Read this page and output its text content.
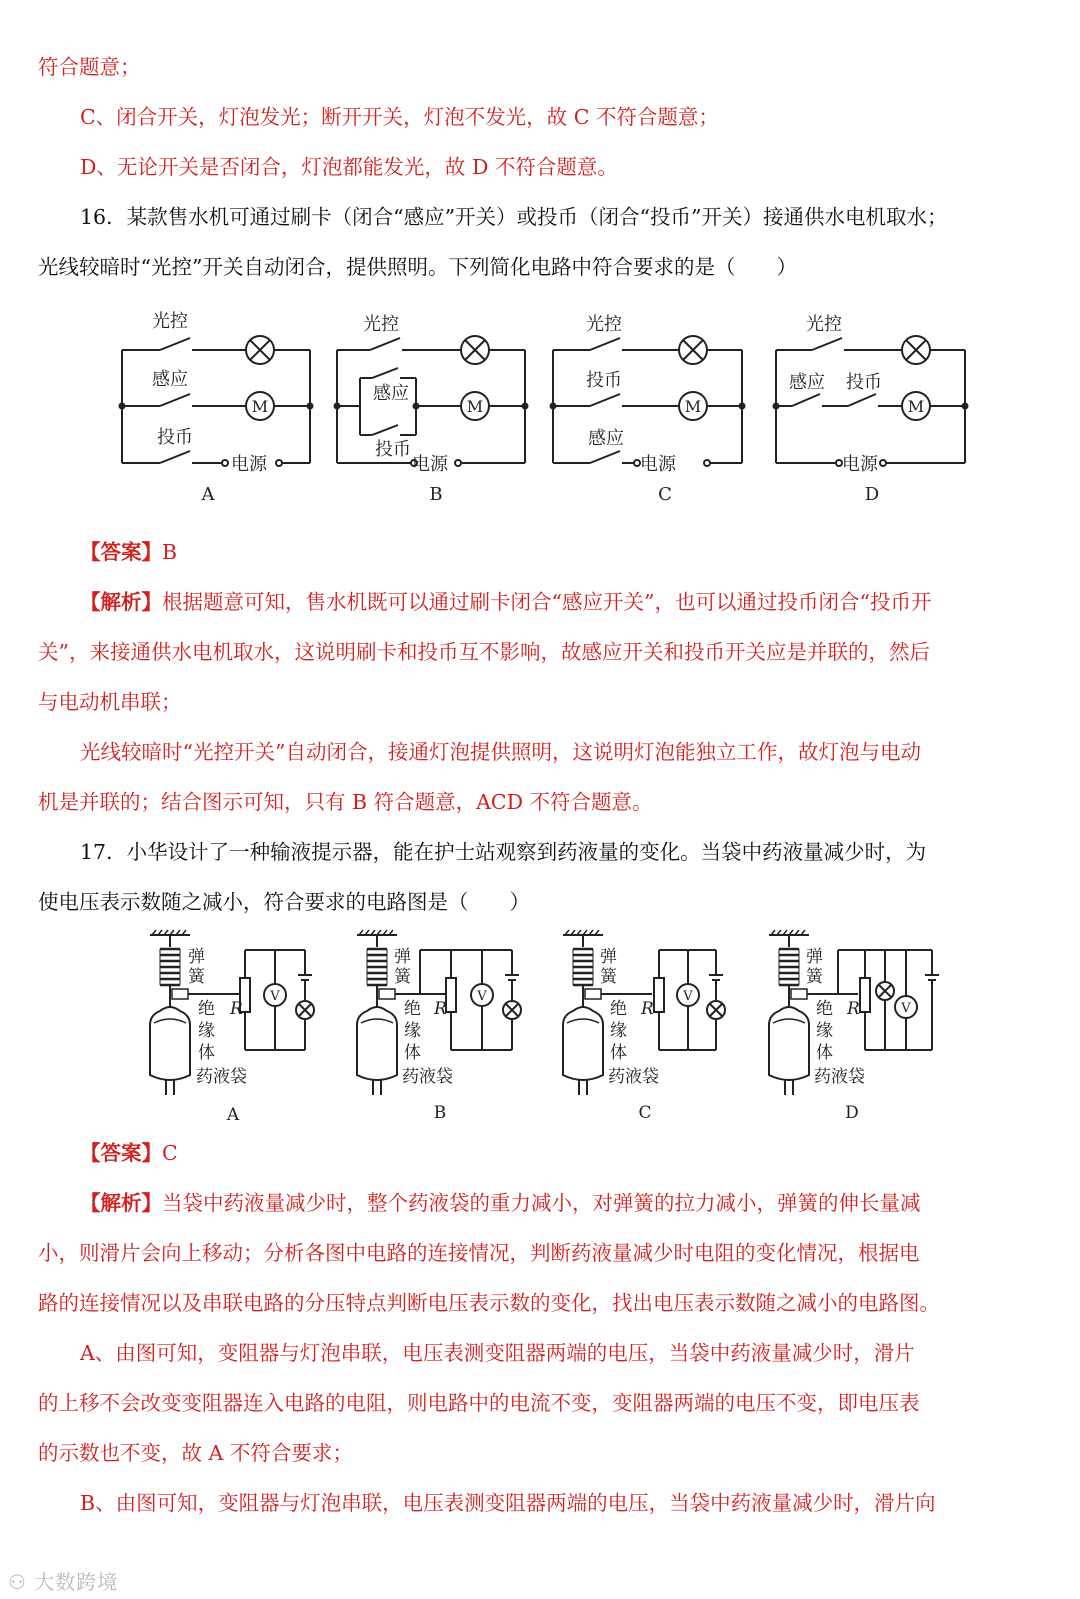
符合题意；
C、闭合开关，灯泡发光；断开开关，灯泡不发光，故 C 不符合题意；
D、无论开关是否闭合，灯泡都能发光，故 D 不符合题意。
16．某款售水机可通过刷卡（闭合“感应”开关）或投币（闭合“投币”开关）接通供水电机取水；
光线较暗时“光控”开关自动闭合，提供照明。下列简化电路中符合要求的是（　　）
光控
感应
投币
电源
M
A
光控
感应
投币
电源
M
B
光控
投币
感应
电源
M
C
光控
感应 投币
电源
M
D
【答案】B
【解析】根据题意可知，售水机既可以通过刷卡闭合“感应开关”，也可以通过投币闭合“投币开
关”，来接通供水电机取水，这说明刷卡和投币互不影响，故感应开关和投币开关应是并联的，然后
与电动机串联；
光线较暗时“光控开关”自动闭合，接通灯泡提供照明，这说明灯泡能独立工作，故灯泡与电动
机是并联的；结合图示可知，只有 B 符合题意，ACD 不符合题意。
17．小华设计了一种输液提示器，能在护士站观察到药液量的变化。当袋中药液量减少时，为
使电压表示数随之减小，符合要求的电路图是（　　）
弹
簧
绝
缘
体
药液袋
R
V
A
弹
簧
绝
缘
体
药液袋
R
V
B
弹
簧
绝
缘
体
药液袋
R
V
C
弹
簧
绝
缘
体
药液袋
R	V
D
【答案】C
【解析】当袋中药液量减少时，整个药液袋的重力减小，对弹簧的拉力减小，弹簧的伸长量减
小，则滑片会向上移动；分析各图中电路的连接情况，判断药液量减少时电阻的变化情况，根据电
路的连接情况以及串联电路的分压特点判断电压表示数的变化，找出电压表示数随之减小的电路图。
A、由图可知，变阻器与灯泡串联，电压表测变阻器两端的电压，当袋中药液量减少时，滑片
的上移不会改变变阻器连入电路的电阻，则电路中的电流不变，变阻器两端的电压不变，即电压表
的示数也不变，故 A 不符合要求；
B、由图可知，变阻器与灯泡串联，电压表测变阻器两端的电压，当袋中药液量减少时，滑片向
⚇ 大数跨境
